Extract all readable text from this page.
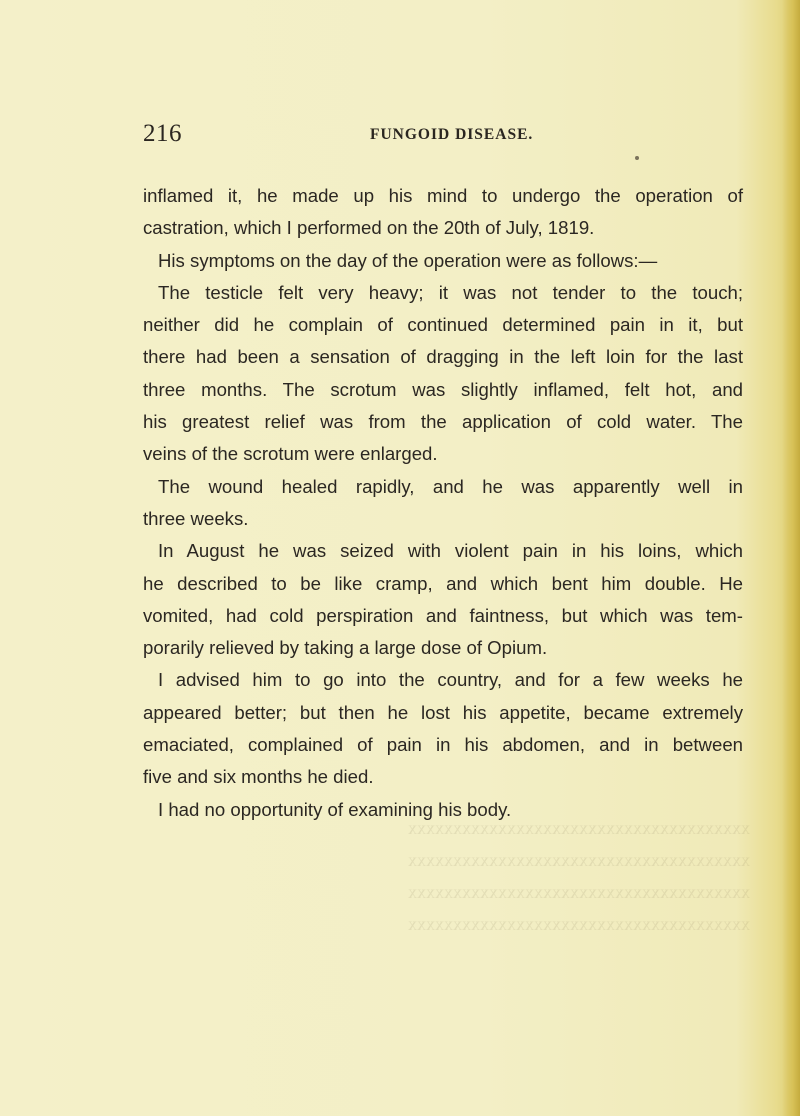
216	FUNGOID DISEASE.
inflamed it, he made up his mind to undergo the operation of
castration, which I performed on the 20th of July, 1819.
His symptoms on the day of the operation were as follows:—
The testicle felt very heavy; it was not tender to the touch;
neither did he complain of continued determined pain in it, but
there had been a sensation of dragging in the left loin for the last
three months. The scrotum was slightly inflamed, felt hot, and
his greatest relief was from the application of cold water. The
veins of the scrotum were enlarged.
The wound healed rapidly, and he was apparently well in
three weeks.
In August he was seized with violent pain in his loins, which
he described to be like cramp, and which bent him double. He
vomited, had cold perspiration and faintness, but which was tem-
porarily relieved by taking a large dose of Opium.
I advised him to go into the country, and for a few weeks he
appeared better; but then he lost his appetite, became extremely
emaciated, complained of pain in his abdomen, and in between
five and six months he died.
I had no opportunity of examining his body.
xxxxxxxxxxxxxxxxxxxxxxxxxxxxxxxxxxxxxx
xxxxxxxxxxxxxxxxxxxxxxxxxxxxxxxxxxxxxx
xxxxxxxxxxxxxxxxxxxxxxxxxxxxxxxxxxxxxx
xxxxxxxxxxxxxxxxxxxxxxxxxxxxxxxxxxxxxx
